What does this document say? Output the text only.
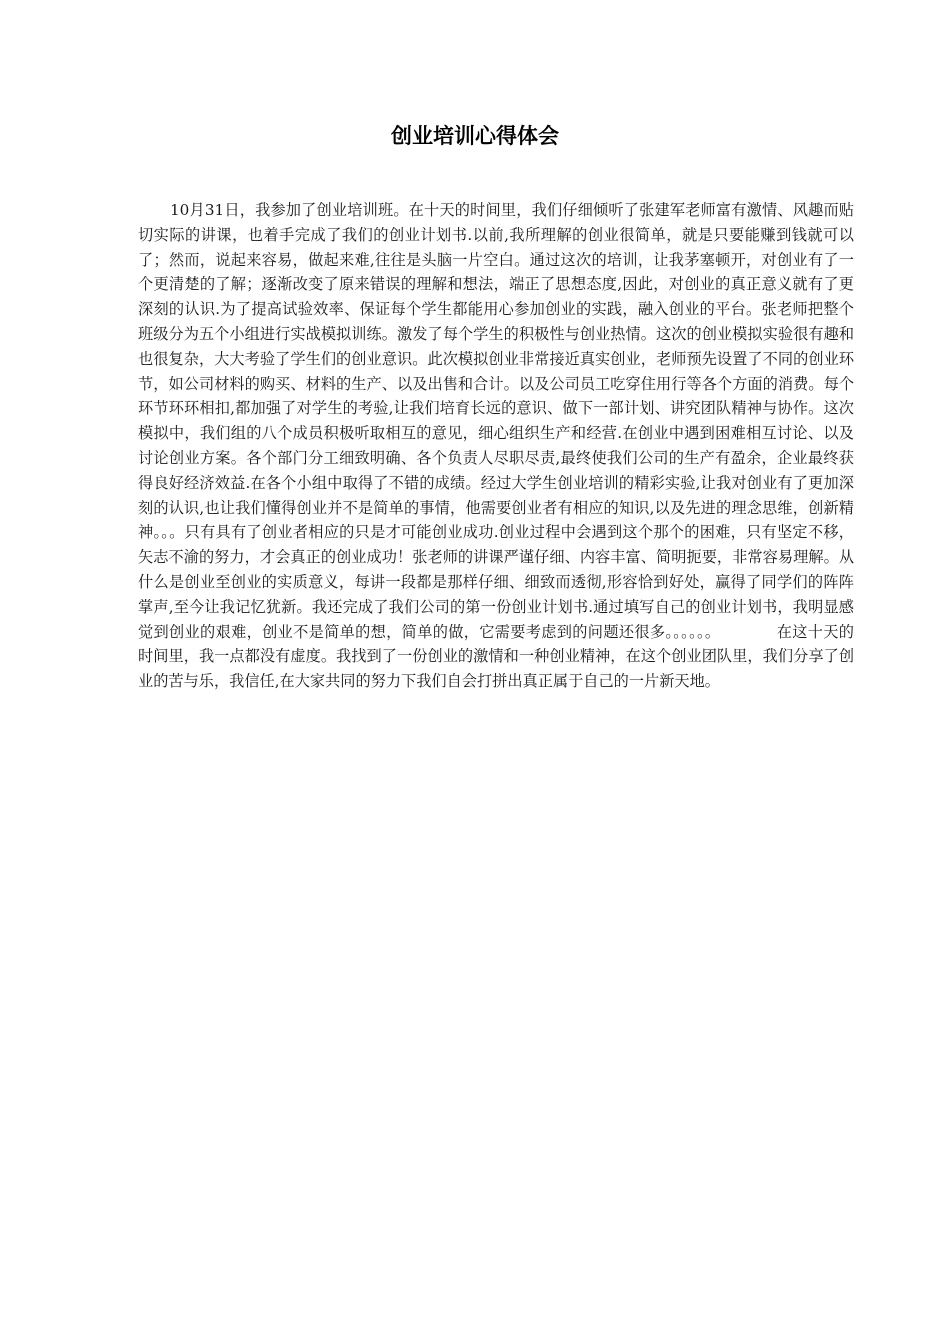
创业培训心得体会

10月31日，我参加了创业培训班。在十天的时间里，我们仔细倾听了张建军老师富有激情、风趣而贴切实际的讲课，也着手完成了我们的创业计划书.以前,我所理解的创业很简单，就是只要能赚到钱就可以了；然而，说起来容易，做起来难,往往是头脑一片空白。通过这次的培训，让我茅塞顿开，对创业有了一个更清楚的了解；逐渐改变了原来错误的理解和想法，端正了思想态度,因此，对创业的真正意义就有了更深刻的认识.为了提高试验效率、保证每个学生都能用心参加创业的实践，融入创业的平台。张老师把整个班级分为五个小组进行实战模拟训练。激发了每个学生的积极性与创业热情。这次的创业模拟实验很有趣和也很复杂，大大考验了学生们的创业意识。此次模拟创业非常接近真实创业，老师预先设置了不同的创业环节，如公司材料的购买、材料的生产、以及出售和合计。以及公司员工吃穿住用行等各个方面的消费。每个环节环环相扣,都加强了对学生的考验,让我们培育长远的意识、做下一部计划、讲究团队精神与协作。这次模拟中，我们组的八个成员积极听取相互的意见，细心组织生产和经营.在创业中遇到困难相互讨论、以及讨论创业方案。各个部门分工细致明确、各个负责人尽职尽责,最终使我们公司的生产有盈余，企业最终获得良好经济效益.在各个小组中取得了不错的成绩。经过大学生创业培训的精彩实验,让我对创业有了更加深刻的认识,也让我们懂得创业并不是简单的事情，他需要创业者有相应的知识,以及先进的理念思维，创新精神。。。只有具有了创业者相应的只是才可能创业成功.创业过程中会遇到这个那个的困难，只有坚定不移，矢志不渝的努力，才会真正的创业成功！张老师的讲课严谨仔细、内容丰富、简明扼要，非常容易理解。从什么是创业至创业的实质意义，每讲一段都是那样仔细、细致而透彻,形容恰到好处，赢得了同学们的阵阵掌声,至今让我记忆犹新。我还完成了我们公司的第一份创业计划书.通过填写自己的创业计划书，我明显感觉到创业的艰难，创业不是简单的想，简单的做，它需要考虑到的问题还很多。。。。。。	在这十天的时间里，我一点都没有虚度。我找到了一份创业的激情和一种创业精神，在这个创业团队里，我们分享了创业的苦与乐，我信任,在大家共同的努力下我们自会打拼出真正属于自己的一片新天地。
